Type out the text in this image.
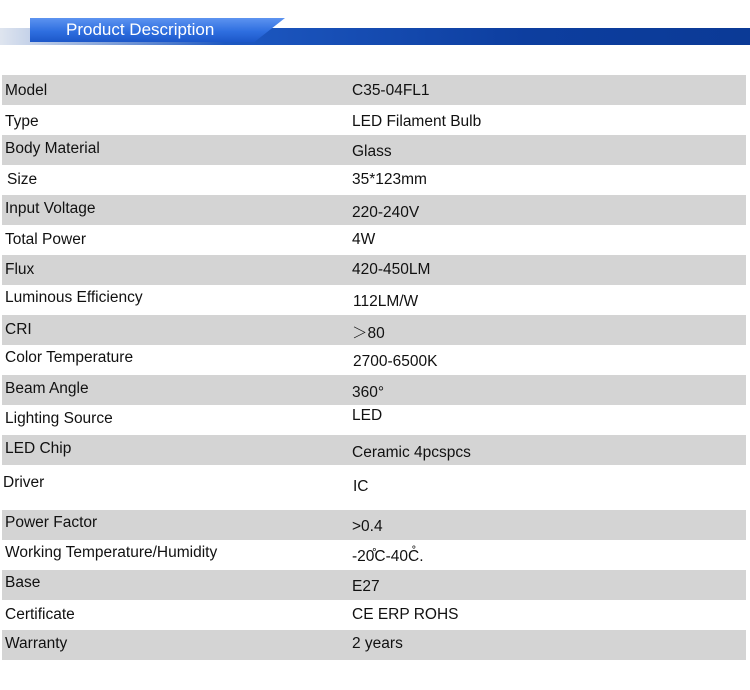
Product Description
Model	C35-04FL1
Type	LED Filament Bulb
Body Material	Glass
Size	35*123mm
Input Voltage	220-240V
Total Power	4W
Flux	420-450LM
Luminous Efficiency	112LM/W
CRI	＞80
Color Temperature	2700-6500K
Beam Angle	360°
Lighting Source	LED
LED Chip	Ceramic 4pcspcs
Driver	IC
Power Factor	>0.4
Working Temperature/Humidity	-20̊C-40C̊.
Base	E27
Certificate	CE ERP ROHS
Warranty	2 years
